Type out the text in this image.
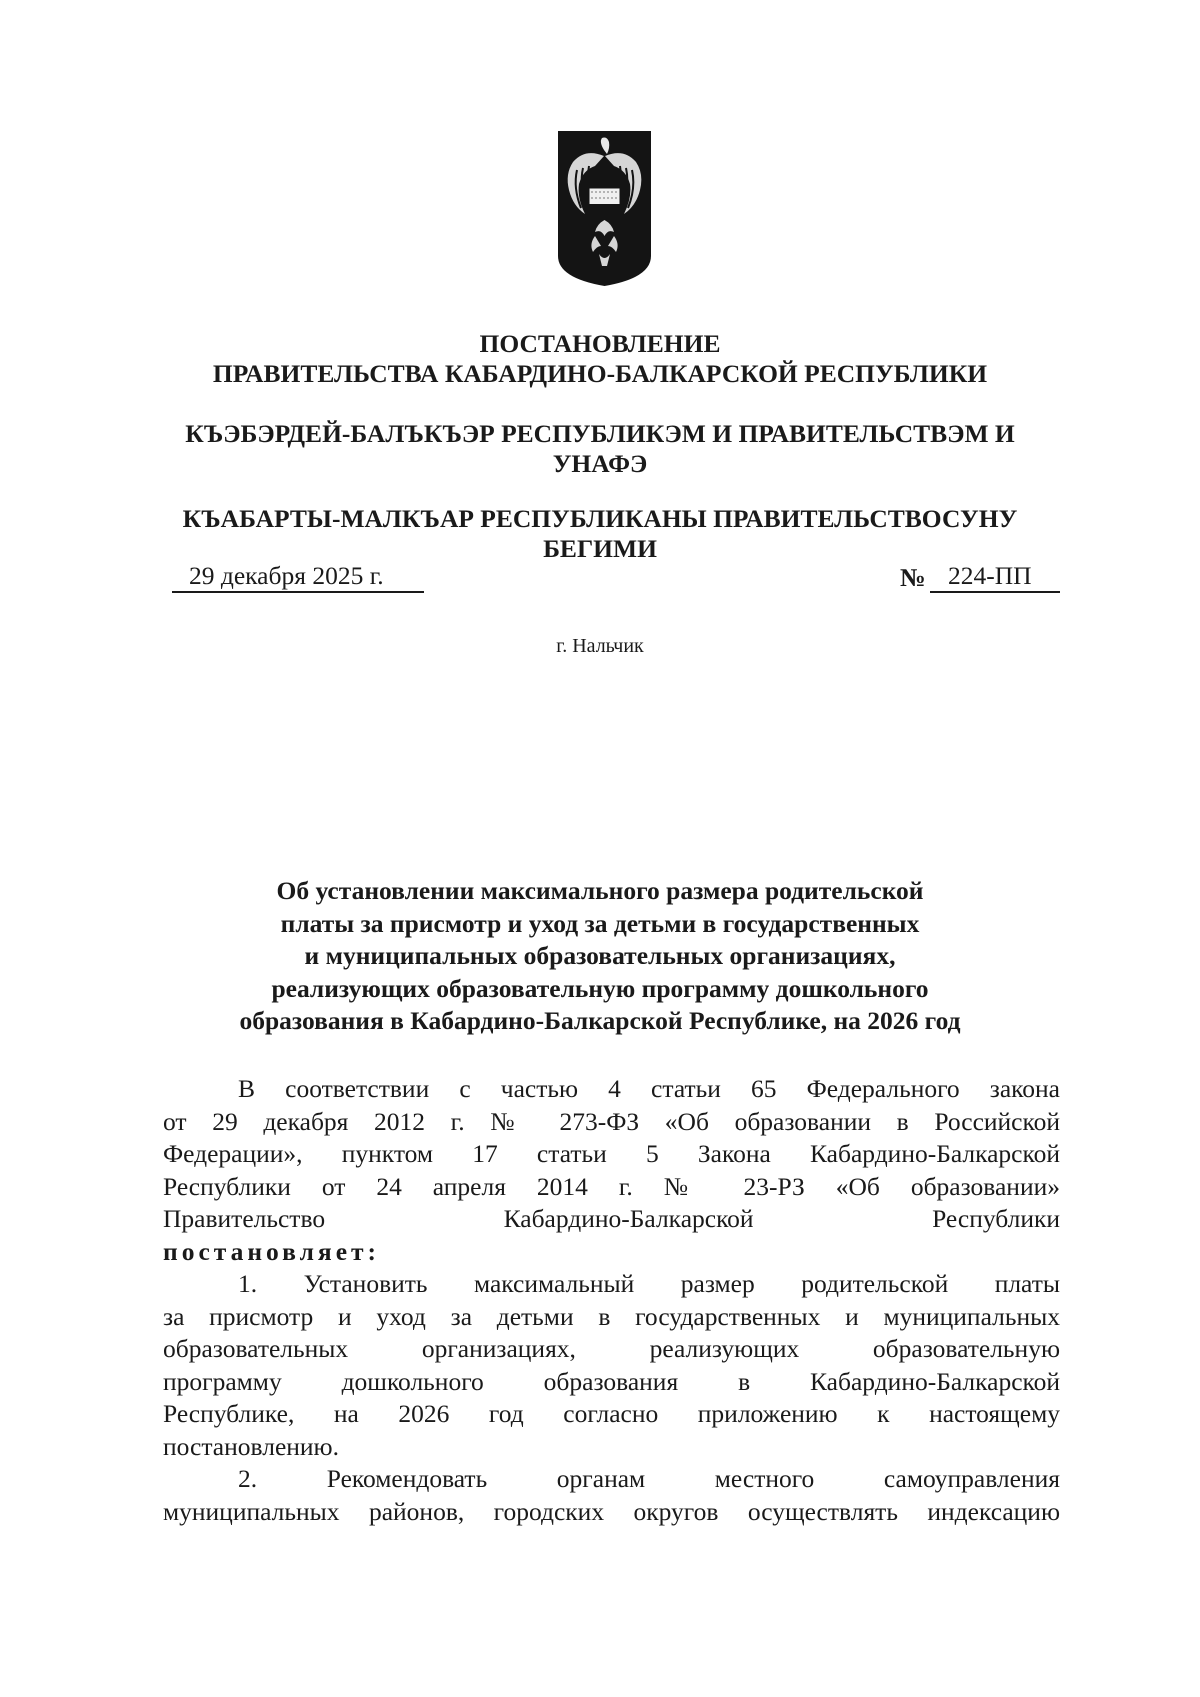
ПОСТАНОВЛЕНИЕ
ПРАВИТЕЛЬСТВА КАБАРДИНО-БАЛКАРСКОЙ РЕСПУБЛИКИ
КЪЭБЭРДЕЙ-БАЛЪКЪЭР РЕСПУБЛИКЭМ И ПРАВИТЕЛЬСТВЭМ И
УНАФЭ
КЪАБАРТЫ-МАЛКЪАР РЕСПУБЛИКАНЫ ПРАВИТЕЛЬСТВОСУНУ
БЕГИМИ
29 декабря 2025 г.	№ 224-ПП
г. Нальчик
Об установлении максимального размера родительской
платы за присмотр и уход за детьми в государственных
и муниципальных образовательных организациях,
реализующих образовательную программу дошкольного
образования в Кабардино-Балкарской Республике, на 2026 год

В соответствии с частью 4 статьи 65 Федерального закона

от 29 декабря 2012 г. № 273-ФЗ «Об образовании в Российской

Федерации», пунктом 17 статьи 5 Закона Кабардино-Балкарской

Республики от 24 апреля 2014 г. № 23-РЗ «Об образовании»

Правительство Кабардино-Балкарской Республики

постановляет:

1. Установить максимальный размер родительской платы

за присмотр и уход за детьми в государственных и муниципальных

образовательных организациях, реализующих образовательную

программу дошкольного образования в Кабардино-Балкарской

Республике, на 2026 год согласно приложению к настоящему

постановлению.

2. Рекомендовать органам местного самоуправления

муниципальных районов, городских округов осуществлять индексацию
